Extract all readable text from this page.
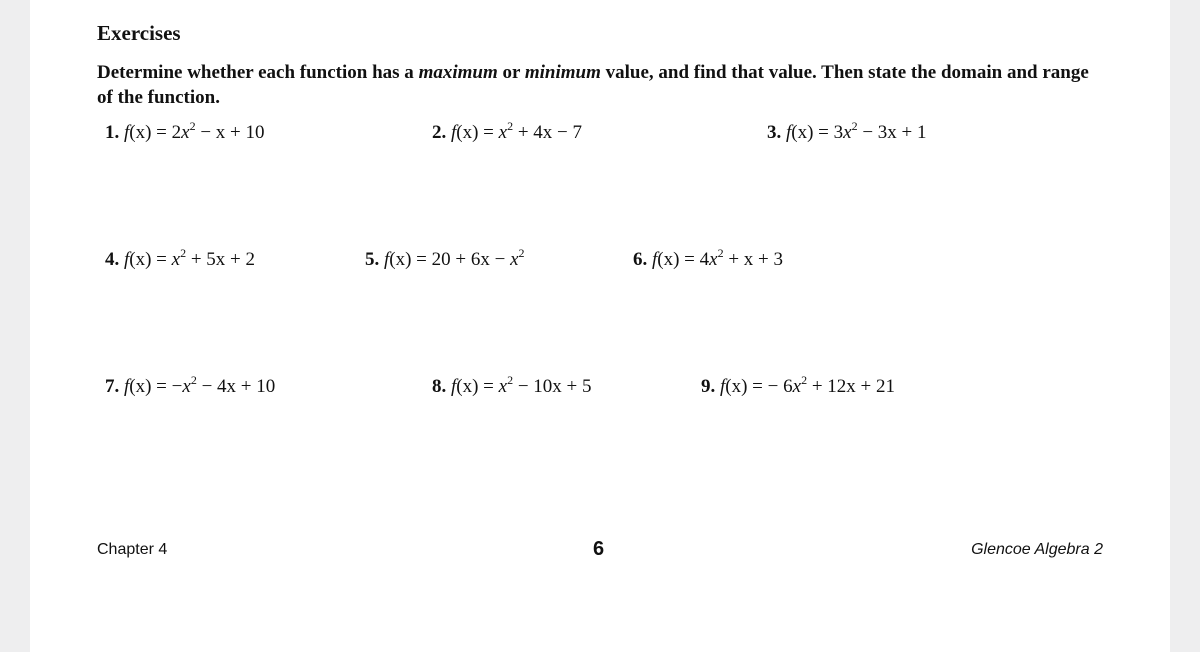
Exercises
Determine whether each function has a maximum or minimum value, and find that value. Then state the domain and range of the function.
1. $f(x) = 2x^2 - x + 10$	2. $f(x) = x^2 + 4x - 7$	3. $f(x) = 3x^2 - 3x + 1$
4. $f(x) = x^2 + 5x + 2$	5. $f(x) = 20 + 6x - x^2$	6. $f(x) = 4x^2 + x + 3$
7. $f(x) = -x^2 - 4x + 10$	8. $f(x) = x^2 - 10x + 5$	9. f(x) = − $6x^2 + 12x + 21$
Chapter 4	6	Glencoe Algebra 2
